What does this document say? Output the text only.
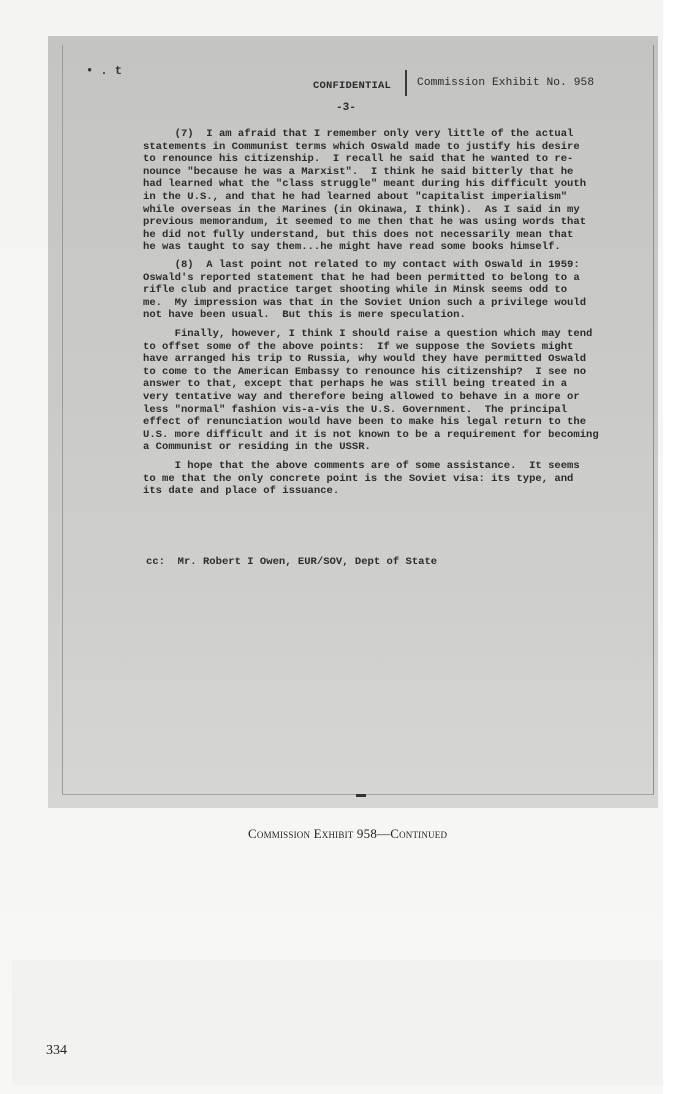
• . t
CONFIDENTIAL Commission Exhibit No. 958
-3-
(7)  I am afraid that I remember only very little of the actual
statements in Communist terms which Oswald made to justify his desire
to renounce his citizenship.  I recall he said that he wanted to re-
nounce "because he was a Marxist".  I think he said bitterly that he
had learned what the "class struggle" meant during his difficult youth
in the U.S., and that he had learned about "capitalist imperialism"
while overseas in the Marines (in Okinawa, I think).  As I said in my
previous memorandum, it seemed to me then that he was using words that
he did not fully understand, but this does not necessarily mean that
he was taught to say them...he might have read some books himself.
(8)  A last point not related to my contact with Oswald in 1959:
Oswald's reported statement that he had been permitted to belong to a
rifle club and practice target shooting while in Minsk seems odd to
me.  My impression was that in the Soviet Union such a privilege would
not have been usual.  But this is mere speculation.
Finally, however, I think I should raise a question which may tend
to offset some of the above points:  If we suppose the Soviets might
have arranged his trip to Russia, why would they have permitted Oswald
to come to the American Embassy to renounce his citizenship?  I see no
answer to that, except that perhaps he was still being treated in a
very tentative way and therefore being allowed to behave in a more or
less "normal" fashion vis-a-vis the U.S. Government.  The principal
effect of renunciation would have been to make his legal return to the
U.S. more difficult and it is not known to be a requirement for becoming
a Communist or residing in the USSR.
I hope that the above comments are of some assistance.  It seems
to me that the only concrete point is the Soviet visa: its type, and
its date and place of issuance.
cc:  Mr. Robert I Owen, EUR/SOV, Dept of State
Commission Exhibit 958—Continued
334
